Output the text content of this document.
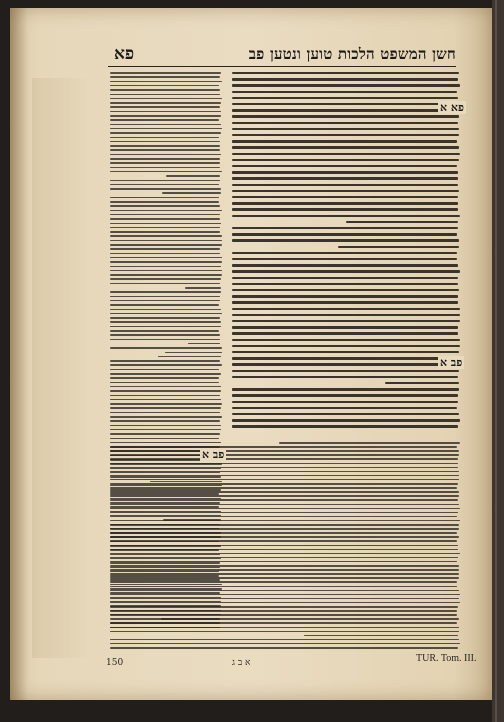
חשן המשפט הלכות טוען ונטען פב
פא
פא א
פב א
פב א
150	א ב ג	TUR. Tom. III.
